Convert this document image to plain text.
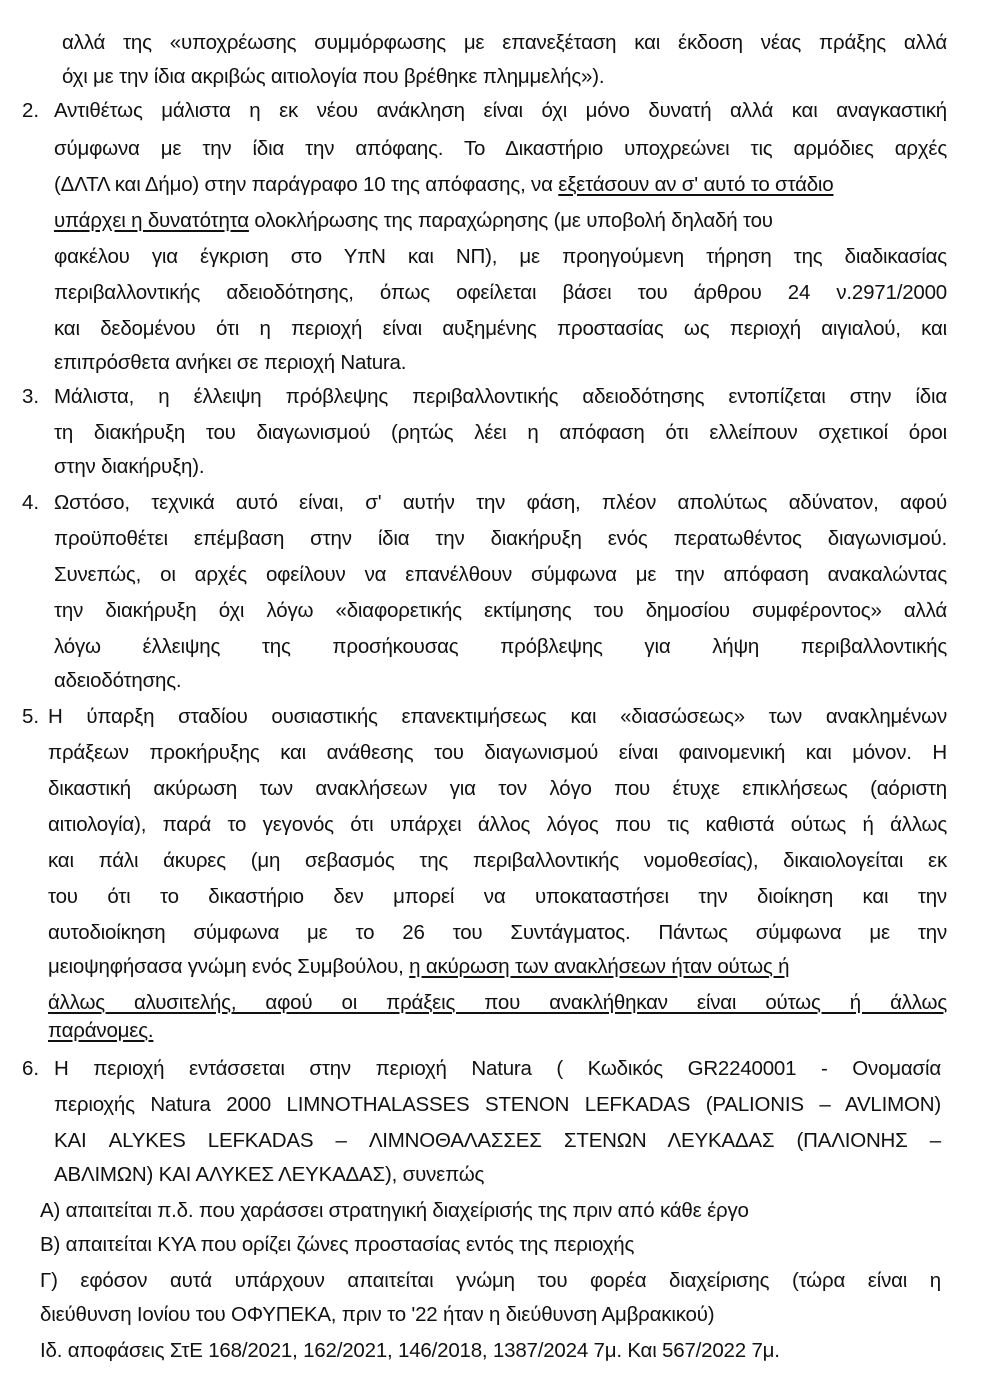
αλλά της «υποχρέωσης συμμόρφωσης με επανεξέταση και έκδοση νέας πράξης αλλά
όχι με την ίδια ακριβώς αιτιολογία που βρέθηκε πλημμελής»).
2. Αντιθέτως μάλιστα η εκ νέου ανάκληση είναι όχι μόνο δυνατή αλλά και αναγκαστική
σύμφωνα με την ίδια την απόφαης. Το Δικαστήριο υποχρεώνει τις αρμόδιες αρχές
(ΔΛΤΛ και Δήμο) στην παράγραφο 10 της απόφασης, να εξετάσουν αν σ' αυτό το στάδιο
υπάρχει η δυνατότητα ολοκλήρωσης της παραχώρησης (με υποβολή δηλαδή του
φακέλου για έγκριση στο ΥπΝ και ΝΠ), με προηγούμενη τήρηση της διαδικασίας
περιβαλλοντικής αδειοδότησης, όπως οφείλεται βάσει του άρθρου 24 ν.2971/2000
και δεδομένου ότι η περιοχή είναι αυξημένης προστασίας ως περιοχή αιγιαλού, και
επιπρόσθετα ανήκει σε περιοχή Natura.
3. Μάλιστα, η έλλειψη πρόβλεψης περιβαλλοντικής αδειοδότησης εντοπίζεται στην ίδια
τη διακήρυξη του διαγωνισμού (ρητώς λέει η απόφαση ότι ελλείπουν σχετικοί όροι
στην διακήρυξη).
4. Ωστόσο, τεχνικά αυτό είναι, σ' αυτήν την φάση, πλέον απολύτως αδύνατον, αφού
προϋποθέτει επέμβαση στην ίδια την διακήρυξη ενός περατωθέντος διαγωνισμού.
Συνεπώς, οι αρχές οφείλουν να επανέλθουν σύμφωνα με την απόφαση ανακαλώντας
την διακήρυξη όχι λόγω «διαφορετικής εκτίμησης του δημοσίου συμφέροντος» αλλά
λόγω έλλειψης της προσήκουσας πρόβλεψης για λήψη περιβαλλοντικής
αδειοδότησης.
5. Η ύπαρξη σταδίου ουσιαστικής επανεκτιμήσεως και «διασώσεως» των ανακλημένων
πράξεων προκήρυξης και ανάθεσης του διαγωνισμού είναι φαινομενική και μόνον. Η
δικαστική ακύρωση των ανακλήσεων για τον λόγο που έτυχε επικλήσεως (αόριστη
αιτιολογία), παρά το γεγονός ότι υπάρχει άλλος λόγος που τις καθιστά ούτως ή άλλως
και πάλι άκυρες (μη σεβασμός της περιβαλλοντικής νομοθεσίας), δικαιολογείται εκ
του ότι το δικαστήριο δεν μπορεί να υποκαταστήσει την διοίκηση και την
αυτοδιοίκηση σύμφωνα με το 26 του Συντάγματος. Πάντως σύμφωνα με την
μειοψηφήσασα γνώμη ενός Συμβούλου, η ακύρωση των ανακλήσεων ήταν ούτως ή
άλλως αλυσιτελής, αφού οι πράξεις που ανακλήθηκαν είναι ούτως ή άλλως
παράνομες.
6. Η περιοχή εντάσσεται στην περιοχή Natura ( Κωδικός GR2240001 - Ονομασία
περιοχής Natura 2000 LIMNOTHALASSES STENON LEFKADAS (PALIONIS – AVLIMON)
ΚΑΙ ALYKES LEFKADAS – ΛΙΜΝΟΘΑΛΑΣΣΕΣ ΣΤΕΝΩΝ ΛΕΥΚΑΔΑΣ (ΠΑΛΙΟΝΗΣ –
ΑΒΛΙΜΩΝ) ΚΑΙ ΑΛΥΚΕΣ ΛΕΥΚΑΔΑΣ), συνεπώς
Α) απαιτείται π.δ. που χαράσσει στρατηγική διαχείρισής της πριν από κάθε έργο
Β) απαιτείται ΚΥΑ που ορίζει ζώνες προστασίας εντός της περιοχής
Γ) εφόσον αυτά υπάρχουν απαιτείται γνώμη του φορέα διαχείρισης (τώρα είναι η
διεύθυνση Ιονίου του ΟΦΥΠΕΚΑ, πριν το '22 ήταν η διεύθυνση Αμβρακικού)
Ιδ. αποφάσεις ΣτΕ 168/2021, 162/2021, 146/2018, 1387/2024 7μ. Και 567/2022 7μ.
